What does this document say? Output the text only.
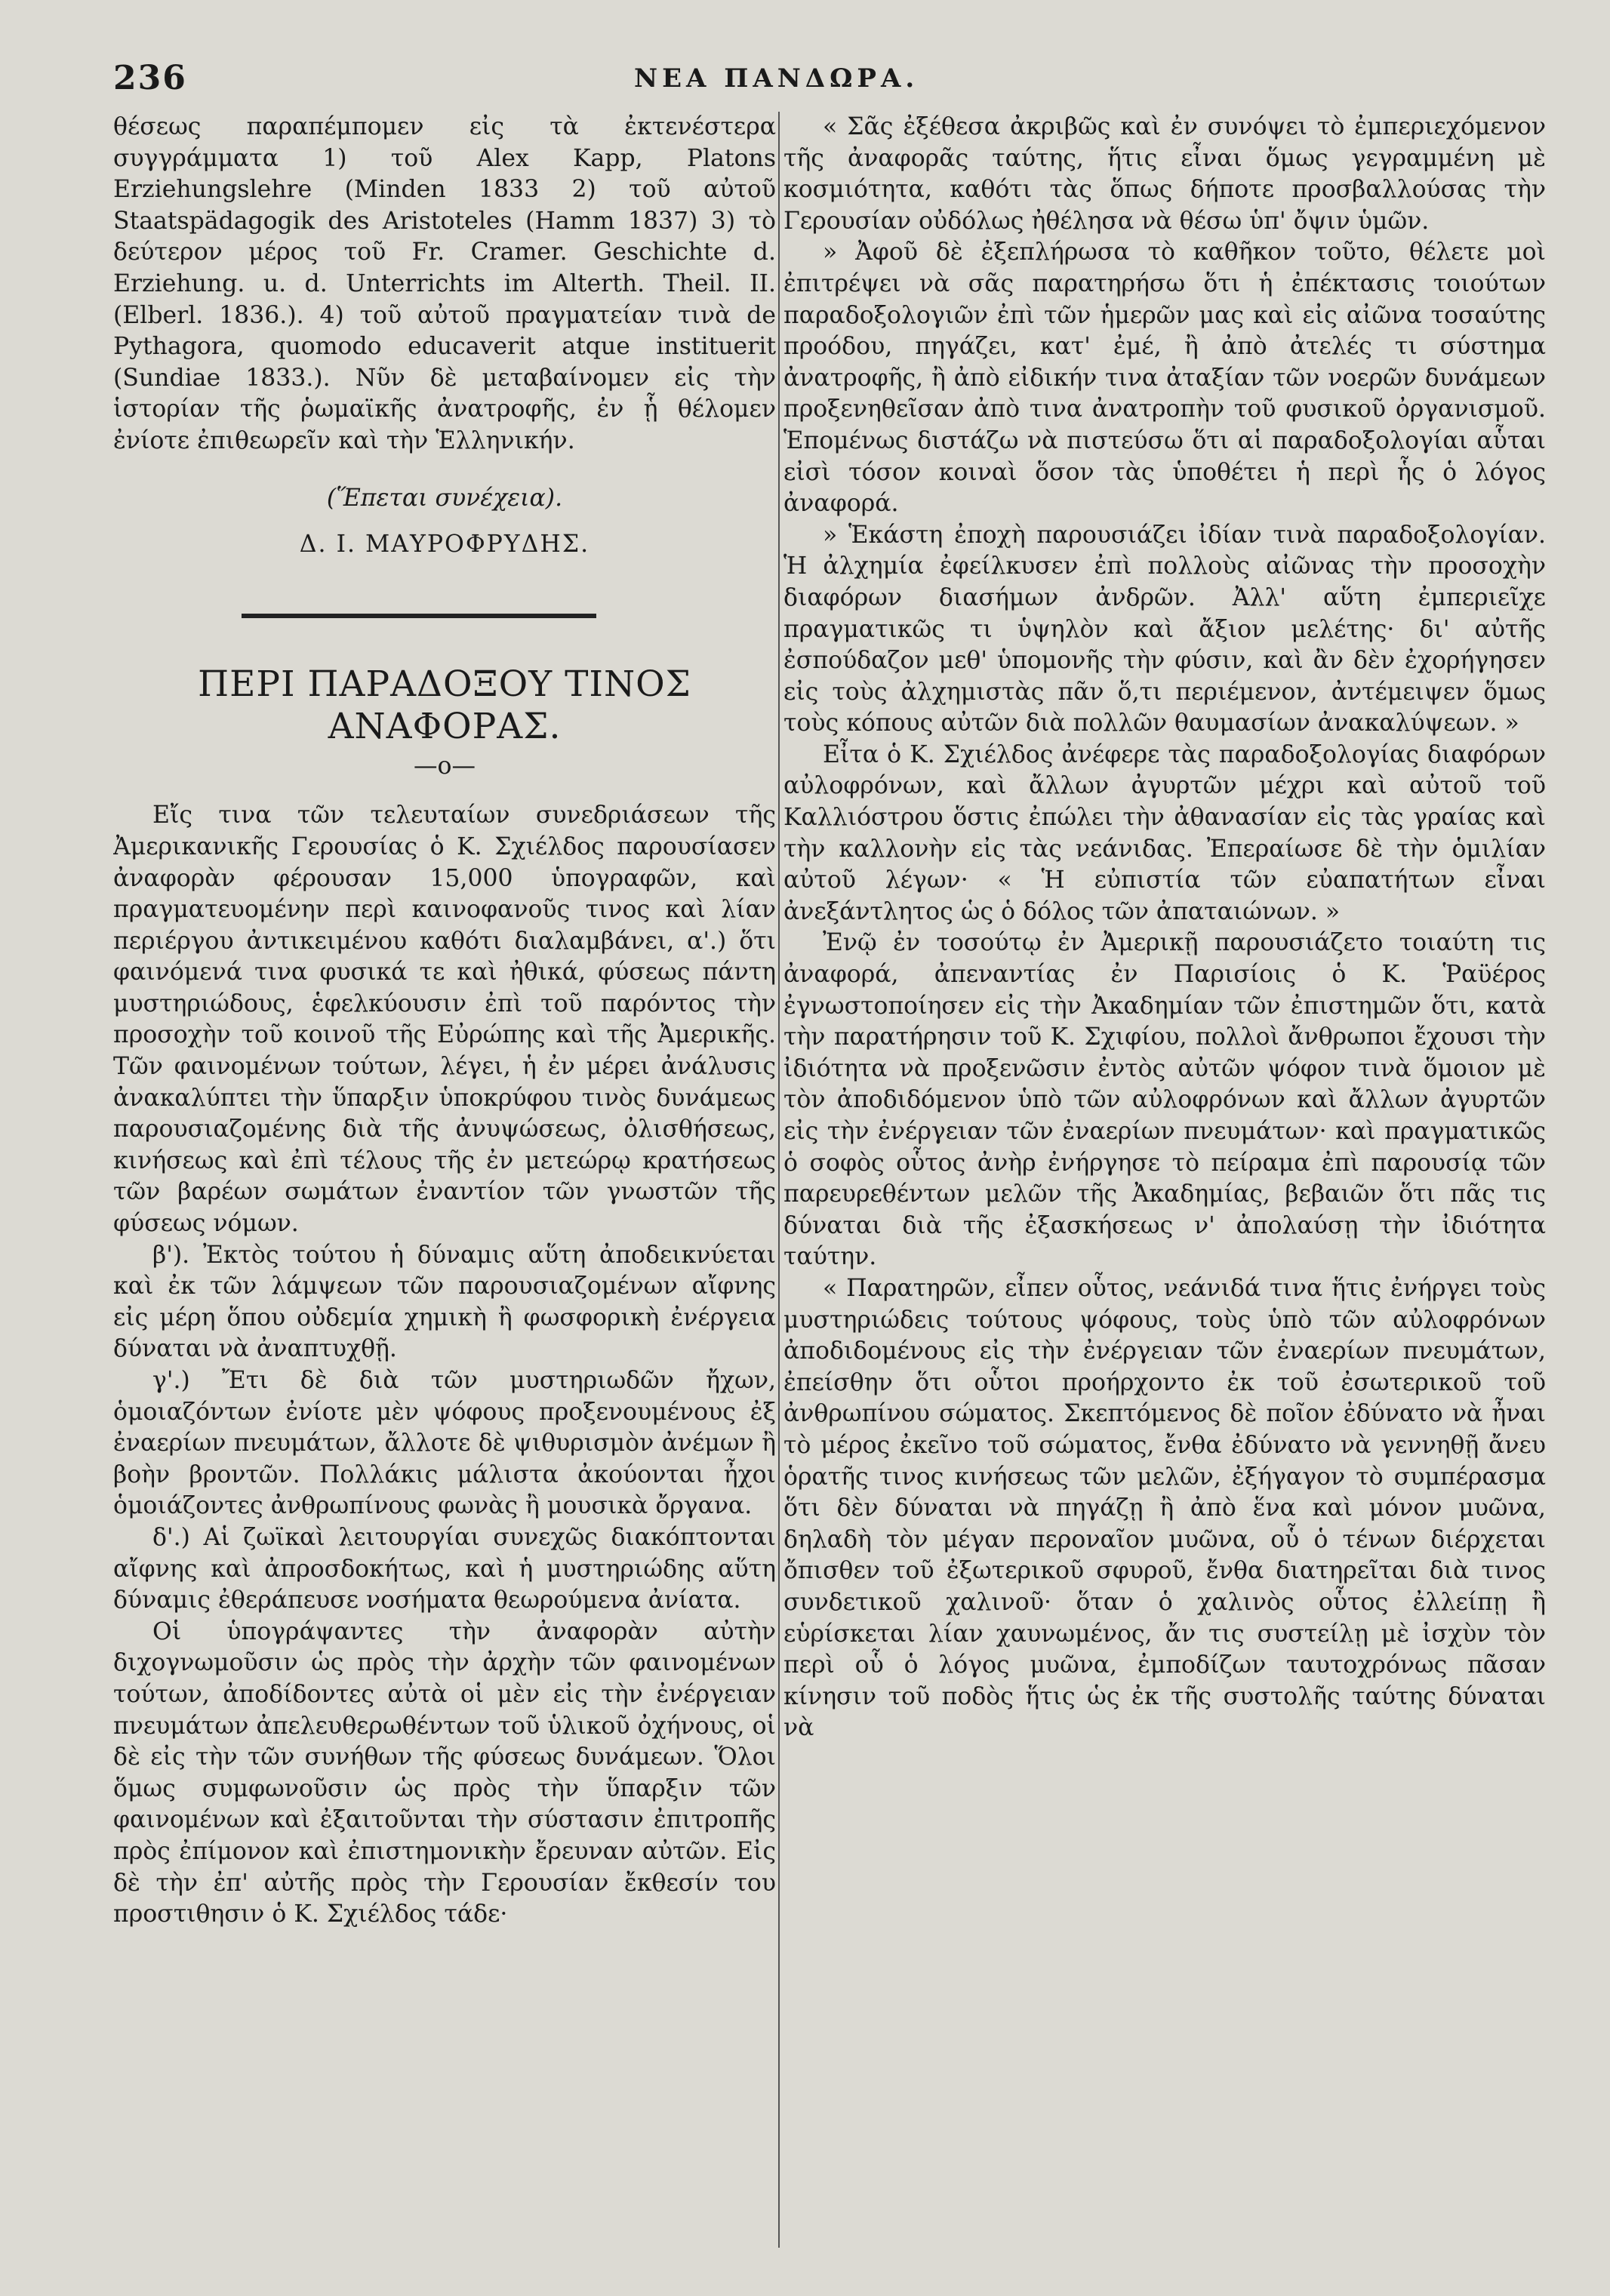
236	ΝΕΑ ΠΑΝΔΩΡΑ.

θέσεως παραπέμπομεν εἰς τὰ ἐκτενέστερα συγγράμματα 1) τοῦ Alex Kapp, Platons Erziehungslehre (Minden 1833 2) τοῦ αὐτοῦ Staatspädagogik des Aristoteles (Hamm 1837) 3) τὸ δεύτερον μέρος τοῦ Fr. Cramer. Geschichte d. Erziehung. u. d. Unterrichts im Alterth. Theil. II. (Elberl. 1836.). 4) τοῦ αὐτοῦ πραγματείαν τινὰ de Pythagora, quomodo educaverit atque instituerit (Sundiae 1833.). Νῦν δὲ μεταβαίνομεν εἰς τὴν ἱστορίαν τῆς ῥωμαϊκῆς ἀνατροφῆς, ἐν ᾗ θέλομεν ἐνίοτε ἐπιθεωρεῖν καὶ τὴν Ἑλληνικήν.

(Ἕπεται συνέχεια).

Δ. Ι. ΜΑΥΡΟΦΡΥΔΗΣ.

ΠΕΡΙ ΠΑΡΑΔΟΞΟΥ ΤΙΝΟΣ ΑΝΑΦΟΡΑΣ.

—ο—

Εἴς τινα τῶν τελευταίων συνεδριάσεων τῆς Ἀμερικανικῆς Γερουσίας ὁ Κ. Σχιέλδος παρουσίασεν ἀναφορὰν φέρουσαν 15,000 ὑπογραφῶν, καὶ πραγματευομένην περὶ καινοφανοῦς τινος καὶ λίαν περιέργου ἀντικειμένου καθότι διαλαμβάνει, α'.) ὅτι φαινόμενά τινα φυσικά τε καὶ ἠθικά, φύσεως πάντη μυστηριώδους, ἑφελκύουσιν ἐπὶ τοῦ παρόντος τὴν προσοχὴν τοῦ κοινοῦ τῆς Εὐρώπης καὶ τῆς Ἀμερικῆς. Τῶν φαινομένων τούτων, λέγει, ἡ ἐν μέρει ἀνάλυσις ἀνακαλύπτει τὴν ὕπαρξιν ὑποκρύφου τινὸς δυνάμεως παρουσιαζομένης διὰ τῆς ἀνυψώσεως, ὀλισθήσεως, κινήσεως καὶ ἐπὶ τέλους τῆς ἐν μετεώρῳ κρατήσεως τῶν βαρέων σωμάτων ἐναντίον τῶν γνωστῶν τῆς φύσεως νόμων.

β'). Ἐκτὸς τούτου ἡ δύναμις αὕτη ἀποδεικνύεται καὶ ἐκ τῶν λάμψεων τῶν παρουσιαζομένων αἴφνης εἰς μέρη ὅπου οὐδεμία χημικὴ ἢ φωσφορικὴ ἐνέργεια δύναται νὰ ἀναπτυχθῇ.

γ'.) Ἔτι δὲ διὰ τῶν μυστηριωδῶν ἤχων, ὁμοιαζόντων ἐνίοτε μὲν ψόφους προξενουμένους ἐξ ἐναερίων πνευμάτων, ἄλλοτε δὲ ψιθυρισμὸν ἀνέμων ἢ βοὴν βροντῶν. Πολλάκις μάλιστα ἀκούονται ἦχοι ὁμοιάζοντες ἀνθρωπίνους φωνὰς ἢ μουσικὰ ὄργανα.

δ'.) Αἱ ζωϊκαὶ λειτουργίαι συνεχῶς διακόπτονται αἴφνης καὶ ἀπροσδοκήτως, καὶ ἡ μυστηριώδης αὕτη δύναμις ἐθεράπευσε νοσήματα θεωρούμενα ἀνίατα.

Οἱ ὑπογράψαντες τὴν ἀναφορὰν αὐτὴν διχογνωμοῦσιν ὡς πρὸς τὴν ἀρχὴν τῶν φαινομένων τούτων, ἀποδίδοντες αὐτὰ οἱ μὲν εἰς τὴν ἐνέργειαν πνευμάτων ἀπελευθερωθέντων τοῦ ὑλικοῦ ὀχήνους, οἱ δὲ εἰς τὴν τῶν συνήθων τῆς φύσεως δυνάμεων. Ὅλοι ὅμως συμφωνοῦσιν ὡς πρὸς τὴν ὕπαρξιν τῶν φαινομένων καὶ ἐξαιτοῦνται τὴν σύστασιν ἐπιτροπῆς πρὸς ἐπίμονον καὶ ἐπιστημονικὴν ἔρευναν αὐτῶν. Εἰς δὲ τὴν ἐπ' αὐτῆς πρὸς τὴν Γερουσίαν ἔκθεσίν του προστιθησιν ὁ Κ. Σχιέλδος τάδε·

« Σᾶς ἐξέθεσα ἀκριβῶς καὶ ἐν συνόψει τὸ ἐμπεριεχόμενον τῆς ἀναφορᾶς ταύτης, ἥτις εἶναι ὅμως γεγραμμένη μὲ κοσμιότητα, καθότι τὰς ὅπως δήποτε προσβαλλούσας τὴν Γερουσίαν οὐδόλως ἠθέλησα νὰ θέσω ὑπ' ὄψιν ὑμῶν.

» Ἀφοῦ δὲ ἐξεπλήρωσα τὸ καθῆκον τοῦτο, θέλετε μοὶ ἐπιτρέψει νὰ σᾶς παρατηρήσω ὅτι ἡ ἐπέκτασις τοιούτων παραδοξολογιῶν ἐπὶ τῶν ἡμερῶν μας καὶ εἰς αἰῶνα τοσαύτης προόδου, πηγάζει, κατ' ἐμέ, ἢ ἀπὸ ἀτελές τι σύστημα ἀνατροφῆς, ἢ ἀπὸ εἰδικήν τινα ἀταξίαν τῶν νοερῶν δυνάμεων προξενηθεῖσαν ἀπὸ τινα ἀνατροπὴν τοῦ φυσικοῦ ὀργανισμοῦ. Ἑπομένως διστάζω νὰ πιστεύσω ὅτι αἱ παραδοξολογίαι αὗται εἰσὶ τόσον κοιναὶ ὅσον τὰς ὑποθέτει ἡ περὶ ἧς ὁ λόγος ἀναφορά.

» Ἑκάστη ἐποχὴ παρουσιάζει ἰδίαν τινὰ παραδοξολογίαν. Ἡ ἀλχημία ἐφείλκυσεν ἐπὶ πολλοὺς αἰῶνας τὴν προσοχὴν διαφόρων διασήμων ἀνδρῶν. Ἀλλ' αὕτη ἐμπεριεῖχε πραγματικῶς τι ὑψηλὸν καὶ ἄξιον μελέτης· δι' αὐτῆς ἐσπούδαζον μεθ' ὑπομονῆς τὴν φύσιν, καὶ ἂν δὲν ἐχορήγησεν εἰς τοὺς ἀλχημιστὰς πᾶν ὅ,τι περιέμενον, ἀντέμειψεν ὅμως τοὺς κόπους αὐτῶν διὰ πολλῶν θαυμασίων ἀνακαλύψεων. »

Εἶτα ὁ Κ. Σχιέλδος ἀνέφερε τὰς παραδοξολογίας διαφόρων αὐλοφρόνων, καὶ ἄλλων ἀγυρτῶν μέχρι καὶ αὐτοῦ τοῦ Καλλιόστρου ὅστις ἐπώλει τὴν ἀθανασίαν εἰς τὰς γραίας καὶ τὴν καλλονὴν εἰς τὰς νεάνιδας. Ἐπεραίωσε δὲ τὴν ὁμιλίαν αὐτοῦ λέγων· « Ἡ εὐπιστία τῶν εὐαπατήτων εἶναι ἀνεξάντλητος ὡς ὁ δόλος τῶν ἀπαταιώνων. »

Ἐνῷ ἐν τοσούτῳ ἐν Ἀμερικῇ παρουσιάζετο τοιαύτη τις ἀναφορά, ἀπεναντίας ἐν Παρισίοις ὁ Κ. Ῥαϋέρος ἐγνωστοποίησεν εἰς τὴν Ἀκαδημίαν τῶν ἐπιστημῶν ὅτι, κατὰ τὴν παρατήρησιν τοῦ Κ. Σχιφίου, πολλοὶ ἄνθρωποι ἔχουσι τὴν ἰδιότητα νὰ προξενῶσιν ἐντὸς αὐτῶν ψόφον τινὰ ὅμοιον μὲ τὸν ἀποδιδόμενον ὑπὸ τῶν αὐλοφρόνων καὶ ἄλλων ἀγυρτῶν εἰς τὴν ἐνέργειαν τῶν ἐναερίων πνευμάτων· καὶ πραγματικῶς ὁ σοφὸς οὗτος ἀνὴρ ἐνήργησε τὸ πείραμα ἐπὶ παρουσίᾳ τῶν παρευρεθέντων μελῶν τῆς Ἀκαδημίας, βεβαιῶν ὅτι πᾶς τις δύναται διὰ τῆς ἐξασκήσεως ν' ἀπολαύσῃ τὴν ἰδιότητα ταύτην.

« Παρατηρῶν, εἶπεν οὗτος, νεάνιδά τινα ἥτις ἐνήργει τοὺς μυστηριώδεις τούτους ψόφους, τοὺς ὑπὸ τῶν αὐλοφρόνων ἀποδιδομένους εἰς τὴν ἐνέργειαν τῶν ἐναερίων πνευμάτων, ἐπείσθην ὅτι οὗτοι προήρχοντο ἐκ τοῦ ἐσωτερικοῦ τοῦ ἀνθρωπίνου σώματος. Σκεπτόμενος δὲ ποῖον ἐδύνατο νὰ ἦναι τὸ μέρος ἐκεῖνο τοῦ σώματος, ἔνθα ἐδύνατο νὰ γεννηθῇ ἄνευ ὁρατῆς τινος κινήσεως τῶν μελῶν, ἐξήγαγον τὸ συμπέρασμα ὅτι δὲν δύναται νὰ πηγάζῃ ἢ ἀπὸ ἕνα καὶ μόνον μυῶνα, δηλαδὴ τὸν μέγαν περοναῖον μυῶνα, οὗ ὁ τένων διέρχεται ὄπισθεν τοῦ ἐξωτερικοῦ σφυροῦ, ἔνθα διατηρεῖται διὰ τινος συνδετικοῦ χαλινοῦ· ὅταν ὁ χαλινὸς οὗτος ἐλλείπῃ ἢ εὑρίσκεται λίαν χαυνωμένος, ἄν τις συστείλῃ μὲ ἰσχὺν τὸν περὶ οὗ ὁ λόγος μυῶνα, ἐμποδίζων ταυτοχρόνως πᾶσαν κίνησιν τοῦ ποδὸς ἥτις ὡς ἐκ τῆς συστολῆς ταύτης δύναται νὰ
